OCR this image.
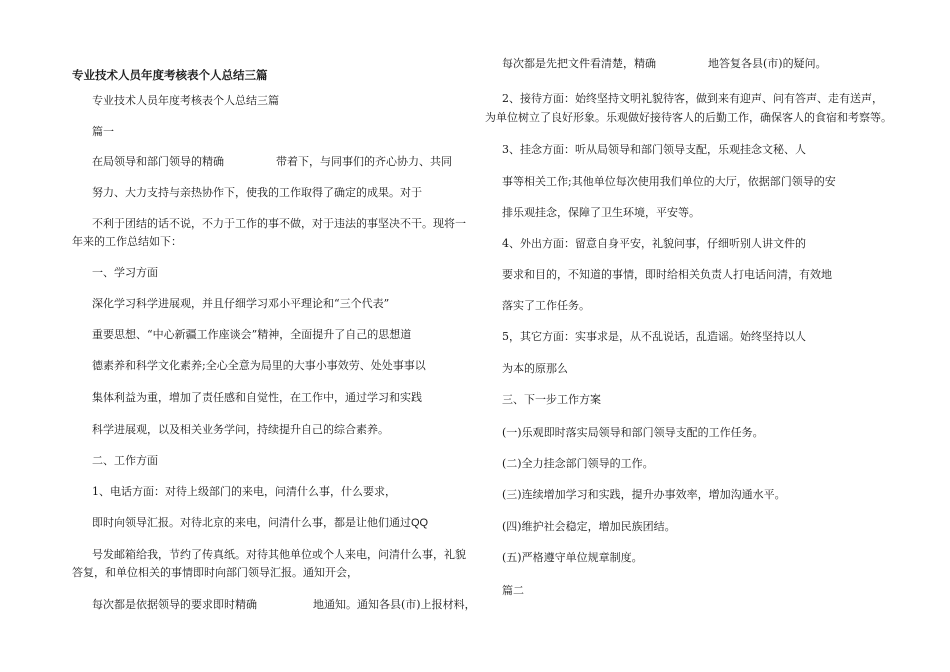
专业技术人员年度考核表个人总结三篇
专业技术人员年度考核表个人总结三篇
篇一
在局领导和部门领导的精确	带着下，与同事们的齐心协力、共同
努力、大力支持与亲热协作下，使我的工作取得了确定的成果。对于
不利于团结的话不说，不力于工作的事不做，对于违法的事坚决不干。现将一
年来的工作总结如下：
一、学习方面
深化学习科学进展观，并且仔细学习邓小平理论和“三个代表”
重要思想、“中心新疆工作座谈会”精神，全面提升了自己的思想道
德素养和科学文化素养;全心全意为局里的大事小事效劳、处处事事以
集体利益为重，增加了责任感和自觉性，在工作中，通过学习和实践
科学进展观，以及相关业务学问，持续提升自己的综合素养。
二、工作方面
1、电话方面：对待上级部门的来电，问清什么事，什么要求，
即时向领导汇报。对待北京的来电，问清什么事，都是让他们通过QQ
号发邮箱给我，节约了传真纸。对待其他单位或个人来电，问清什么事，礼貌
答复，和单位相关的事情即时向部门领导汇报。通知开会，
每次都是依据领导的要求即时精确	地通知。通知各县(市)上报材料，
每次都是先把文件看清楚，精确	地答复各县(市)的疑问。
2、接待方面：始终坚持文明礼貌待客，做到来有迎声、问有答声、走有送声，
为单位树立了良好形象。乐观做好接待客人的后勤工作，确保客人的食宿和考察等。
3、挂念方面：听从局领导和部门领导支配，乐观挂念文秘、人
事等相关工作;其他单位每次使用我们单位的大厅，依据部门领导的安
排乐观挂念，保障了卫生环境，平安等。
4、外出方面：留意自身平安，礼貌问事，仔细听别人讲文件的
要求和目的，不知道的事情，即时给相关负责人打电话问清，有效地
落实了工作任务。
5，其它方面：实事求是，从不乱说话，乱造谣。始终坚持以人
为本的原那么
三、下一步工作方案
(一)乐观即时落实局领导和部门领导支配的工作任务。
(二)全力挂念部门领导的工作。
(三)连续增加学习和实践，提升办事效率，增加沟通水平。
(四)维护社会稳定，增加民族团结。
(五)严格遵守单位规章制度。
篇二
